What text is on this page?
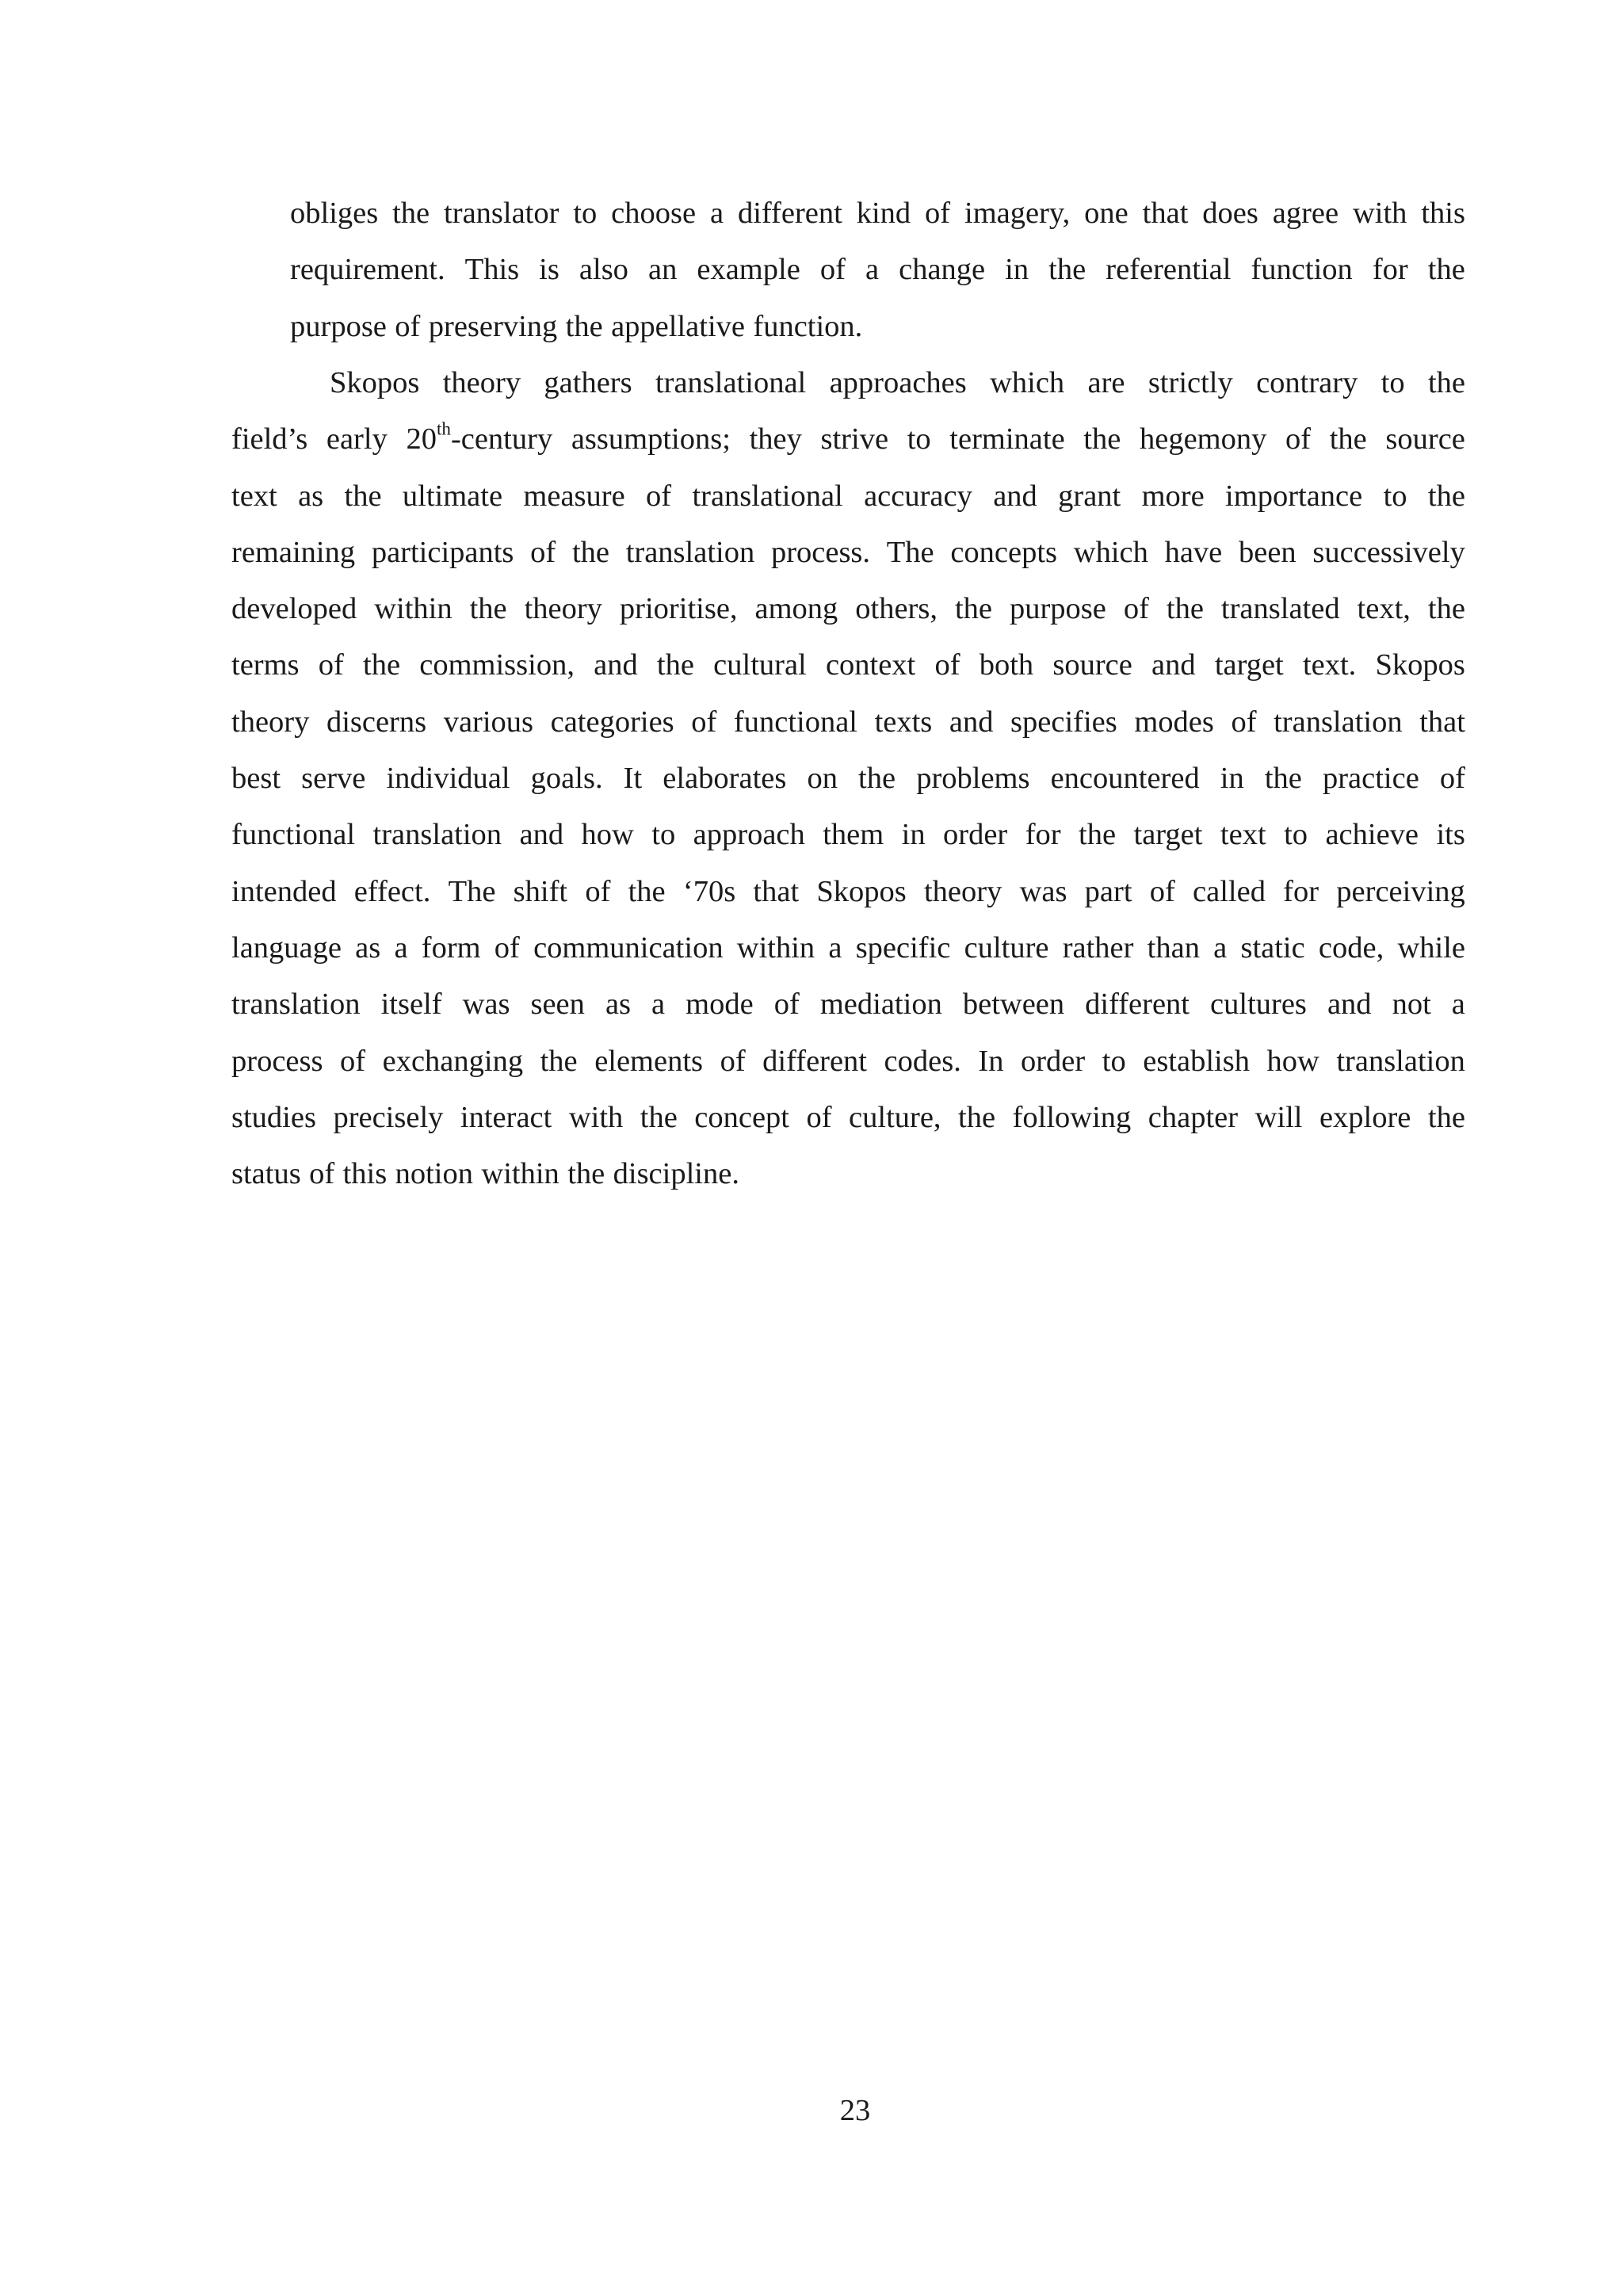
obliges the translator to choose a different kind of imagery, one that does agree with this
requirement. This is also an example of a change in the referential function for the
purpose of preserving the appellative function.
Skopos theory gathers translational approaches which are strictly contrary to the
field’s early 20th-century assumptions; they strive to terminate the hegemony of the source
text as the ultimate measure of translational accuracy and grant more importance to the
remaining participants of the translation process. The concepts which have been successively
developed within the theory prioritise, among others, the purpose of the translated text, the
terms of the commission, and the cultural context of both source and target text. Skopos
theory discerns various categories of functional texts and specifies modes of translation that
best serve individual goals. It elaborates on the problems encountered in the practice of
functional translation and how to approach them in order for the target text to achieve its
intended effect. The shift of the ‘70s that Skopos theory was part of called for perceiving
language as a form of communication within a specific culture rather than a static code, while
translation itself was seen as a mode of mediation between different cultures and not a
process of exchanging the elements of different codes. In order to establish how translation
studies precisely interact with the concept of culture, the following chapter will explore the
status of this notion within the discipline.
23
